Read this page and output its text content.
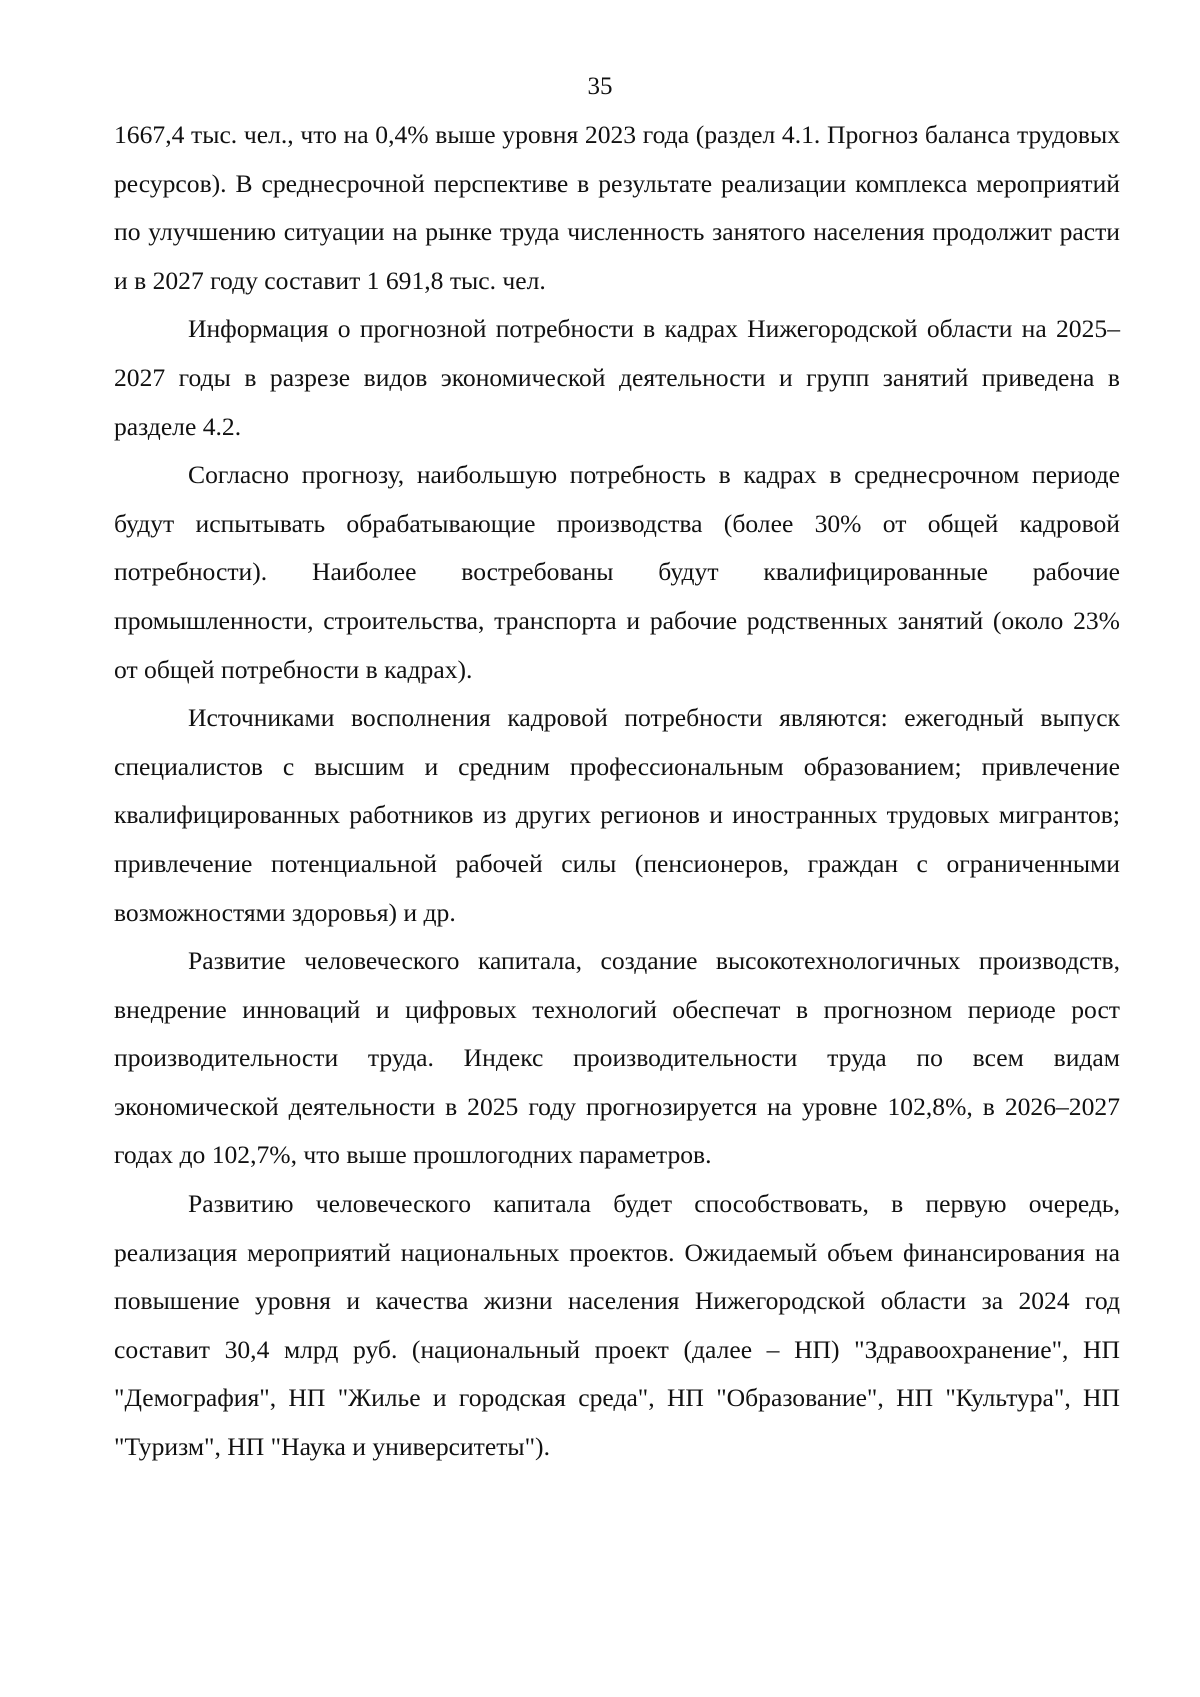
35

1667,4 тыс. чел., что на 0,4% выше уровня 2023 года (раздел 4.1. Прогноз баланса трудовых ресурсов). В среднесрочной перспективе в результате реализации комплекса мероприятий по улучшению ситуации на рынке труда численность занятого населения продолжит расти и в 2027 году составит 1 691,8 тыс. чел.

Информация о прогнозной потребности в кадрах Нижегородской области на 2025–2027 годы в разрезе видов экономической деятельности и групп занятий приведена в разделе 4.2.

Согласно прогнозу, наибольшую потребность в кадрах в среднесрочном периоде будут испытывать обрабатывающие производства (более 30% от общей кадровой потребности). Наиболее востребованы будут квалифицированные рабочие промышленности, строительства, транспорта и рабочие родственных занятий (около 23% от общей потребности в кадрах).

Источниками восполнения кадровой потребности являются: ежегодный выпуск специалистов с высшим и средним профессиональным образованием; привлечение квалифицированных работников из других регионов и иностранных трудовых мигрантов; привлечение потенциальной рабочей силы (пенсионеров, граждан с ограниченными возможностями здоровья) и др.

Развитие человеческого капитала, создание высокотехнологичных производств, внедрение инноваций и цифровых технологий обеспечат в прогнозном периоде рост производительности труда. Индекс производительности труда по всем видам экономической деятельности в 2025 году прогнозируется на уровне 102,8%, в 2026–2027 годах до 102,7%, что выше прошлогодних параметров.

Развитию человеческого капитала будет способствовать, в первую очередь, реализация мероприятий национальных проектов. Ожидаемый объем финансирования на повышение уровня и качества жизни населения Нижегородской области за 2024 год составит 30,4 млрд руб. (национальный проект (далее – НП) "Здравоохранение", НП "Демография", НП "Жилье и городская среда", НП "Образование", НП "Культура", НП "Туризм", НП "Наука и университеты").
